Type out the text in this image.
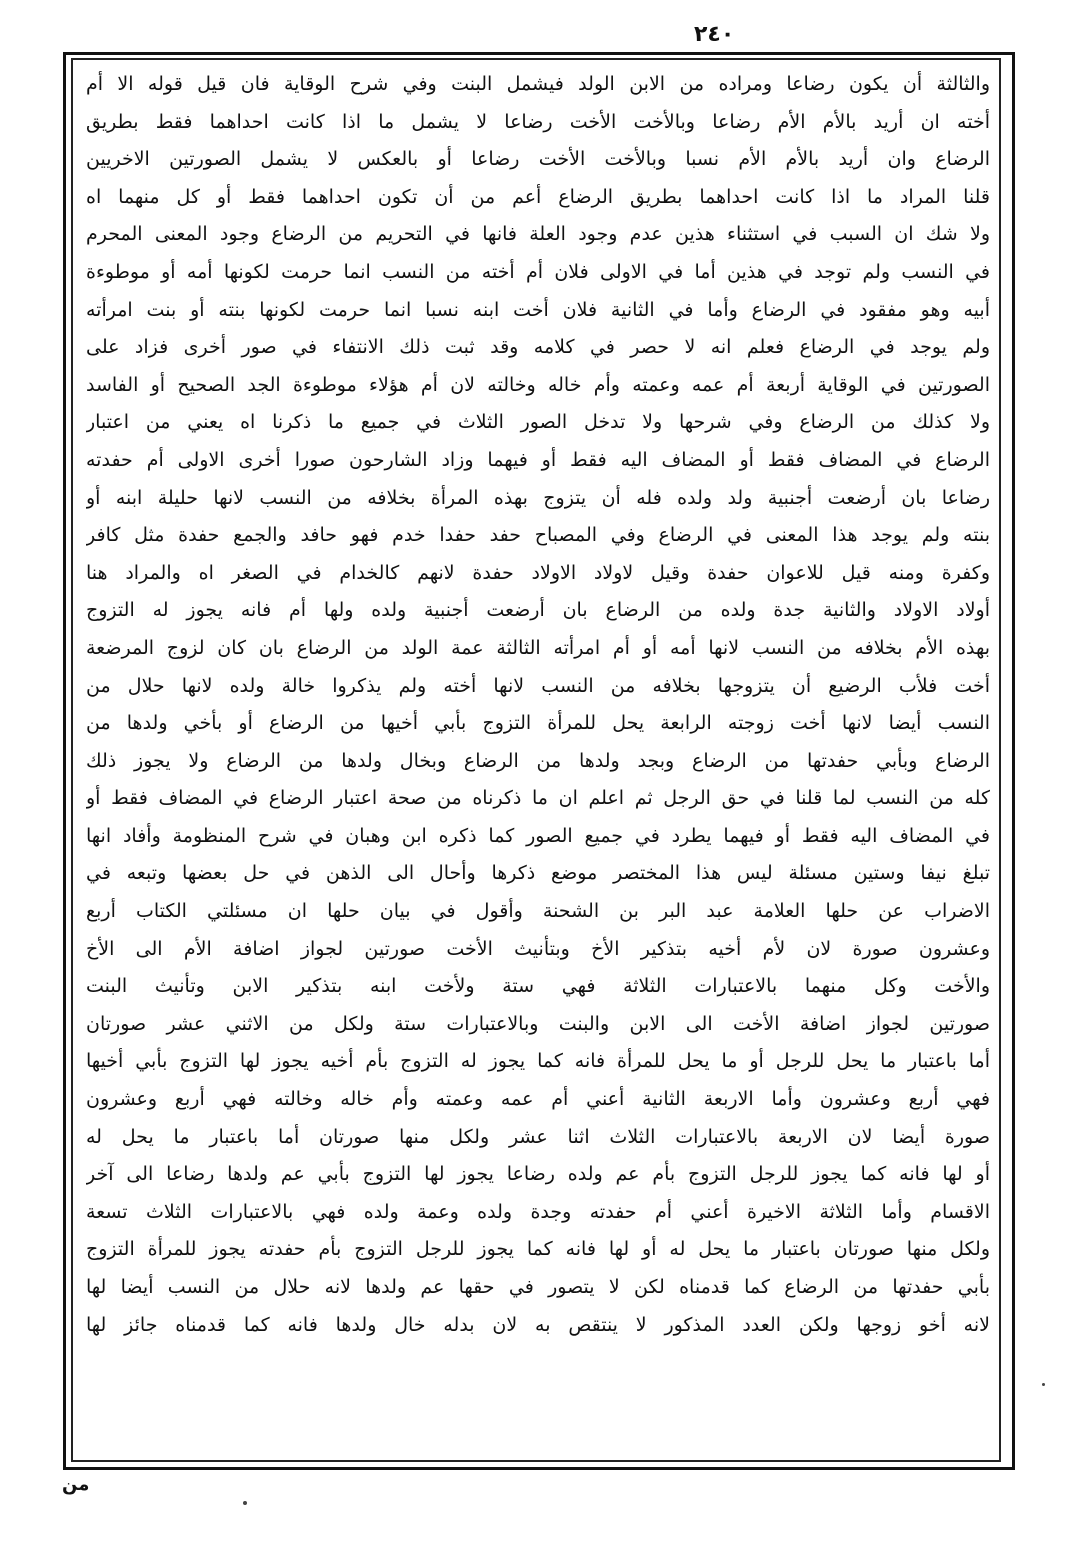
٢٤٠
والثالثة أن يكون رضاعا ومراده من الابن الولد فيشمل البنت وفي شرح الوقاية فان قيل قوله الا أم
أخته ان أريد بالأم الأم رضاعا وبالأخت الأخت رضاعا لا يشمل ما اذا كانت احداهما فقط بطريق
الرضاع وان أريد بالأم الأم نسبا وبالأخت الأخت رضاعا أو بالعكس لا يشمل الصورتين الاخريين
قلنا المراد ما اذا كانت احداهما بطريق الرضاع أعم من أن تكون احداهما فقط أو كل منهما اه
ولا شك ان السبب في استثناء هذين عدم وجود العلة فانها في التحريم من الرضاع وجود المعنى المحرم
في النسب ولم توجد في هذين أما في الاولى فلان أم أخته من النسب انما حرمت لكونها أمه أو موطوءة
أبيه وهو مفقود في الرضاع وأما في الثانية فلان أخت ابنه نسبا انما حرمت لكونها بنته أو بنت امرأته
ولم يوجد في الرضاع فعلم انه لا حصر في كلامه وقد ثبت ذلك الانتفاء في صور أخرى فزاد على
الصورتين في الوقاية أربعة أم عمه وعمته وأم خاله وخالته لان أم هؤلاء موطوءة الجد الصحيح أو الفاسد
ولا كذلك من الرضاع وفي شرحها ولا تدخل الصور الثلاث في جميع ما ذكرنا اه يعني من اعتبار
الرضاع في المضاف فقط أو المضاف اليه فقط أو فيهما وزاد الشارحون صورا أخرى الاولى أم حفدته
رضاعا بان أرضعت أجنبية ولد ولده فله أن يتزوج بهذه المرأة بخلافه من النسب لانها حليلة ابنه أو
بنته ولم يوجد هذا المعنى في الرضاع وفي المصباح حفد حفدا خدم فهو حافد والجمع حفدة مثل كافر
وكفرة ومنه قيل للاعوان حفدة وقيل لاولاد الاولاد حفدة لانهم كالخدام في الصغر اه والمراد هنا
أولاد الاولاد والثانية جدة ولده من الرضاع بان أرضعت أجنبية ولده ولها أم فانه يجوز له التزوج
بهذه الأم بخلافه من النسب لانها أمه أو أم امرأته الثالثة عمة الولد من الرضاع بان كان لزوج المرضعة
أخت فلأب الرضيع أن يتزوجها بخلافه من النسب لانها أخته ولم يذكروا خالة ولده لانها حلال من
النسب أيضا لانها أخت زوجته الرابعة يحل للمرأة التزوج بأبي أخيها من الرضاع أو بأخي ولدها من
الرضاع وبأبي حفدتها من الرضاع وبجد ولدها من الرضاع وبخال ولدها من الرضاع ولا يجوز ذلك
كله من النسب لما قلنا في حق الرجل ثم اعلم ان ما ذكرناه من صحة اعتبار الرضاع في المضاف فقط أو
في المضاف اليه فقط أو فيهما يطرد في جميع الصور كما ذكره ابن وهبان في شرح المنظومة وأفاد انها
تبلغ نيفا وستين مسئلة ليس هذا المختصر موضع ذكرها وأحال الى الذهن في حل بعضها وتبعه في
الاضراب عن حلها العلامة عبد البر بن الشحنة وأقول في بيان حلها ان مسئلتي الكتاب أربع
وعشرون صورة لان لأم أخيه بتذكير الأخ وبتأنيث الأخت صورتين لجواز اضافة الأم الى الأخ
والأخت وكل منهما بالاعتبارات الثلاثة فهي ستة ولأخت ابنه بتذكير الابن وتأنيث البنت
صورتين لجواز اضافة الأخت الى الابن والبنت وبالاعتبارات ستة ولكل من الاثني عشر صورتان
أما باعتبار ما يحل للرجل أو ما يحل للمرأة فانه كما يجوز له التزوج بأم أخيه يجوز لها التزوج بأبي أخيها
فهي أربع وعشرون وأما الاربعة الثانية أعني أم عمه وعمته وأم خاله وخالته فهي أربع وعشرون
صورة أيضا لان الاربعة بالاعتبارات الثلاث اثنا عشر ولكل منها صورتان أما باعتبار ما يحل له
أو لها فانه كما يجوز للرجل التزوج بأم عم ولده رضاعا يجوز لها التزوج بأبي عم ولدها رضاعا الى آخر
الاقسام وأما الثلاثة الاخيرة أعني أم حفدته وجدة ولده وعمة ولده فهي بالاعتبارات الثلاث تسعة
ولكل منها صورتان باعتبار ما يحل له أو لها فانه كما يجوز للرجل التزوج بأم حفدته يجوز للمرأة التزوج
بأبي حفدتها من الرضاع كما قدمناه لكن لا يتصور في حقها عم ولدها لانه حلال من النسب أيضا لها
لانه أخو زوجها ولكن العدد المذكور لا ينتقص به لان بدله خال ولدها فانه كما قدمناه جائز لها
من
